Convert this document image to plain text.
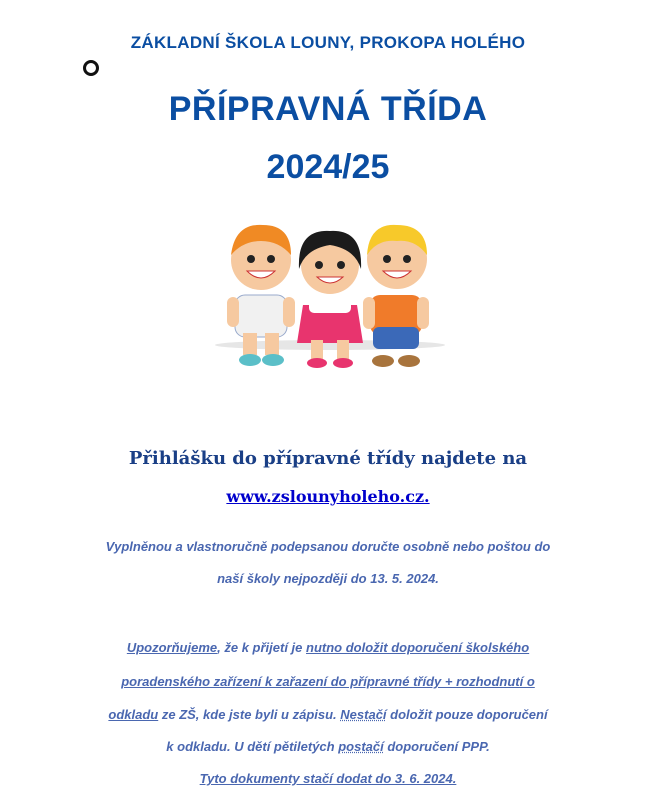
ZÁKLADNÍ ŠKOLA LOUNY, PROKOPA HOLÉHO
PŘÍPRAVNÁ TŘÍDA
2024/25
Přihlášku do přípravné třídy najdete na
www.zslounyholeho.cz.
Vyplněnou a vlastnoručně podepsanou doručte osobně nebo poštou do
naší školy nejpozději do 13. 5. 2024.
Upozorňujeme, že k přijetí je nutno doložit doporučení školského
poradenského zařízení k zařazení do přípravné třídy + rozhodnutí o
odkladu ze ZŠ, kde jste byli u zápisu. Nestačí doložit pouze doporučení
k odkladu. U dětí pětiletých postačí doporučení PPP.
Tyto dokumenty stačí dodat do 3. 6. 2024.
